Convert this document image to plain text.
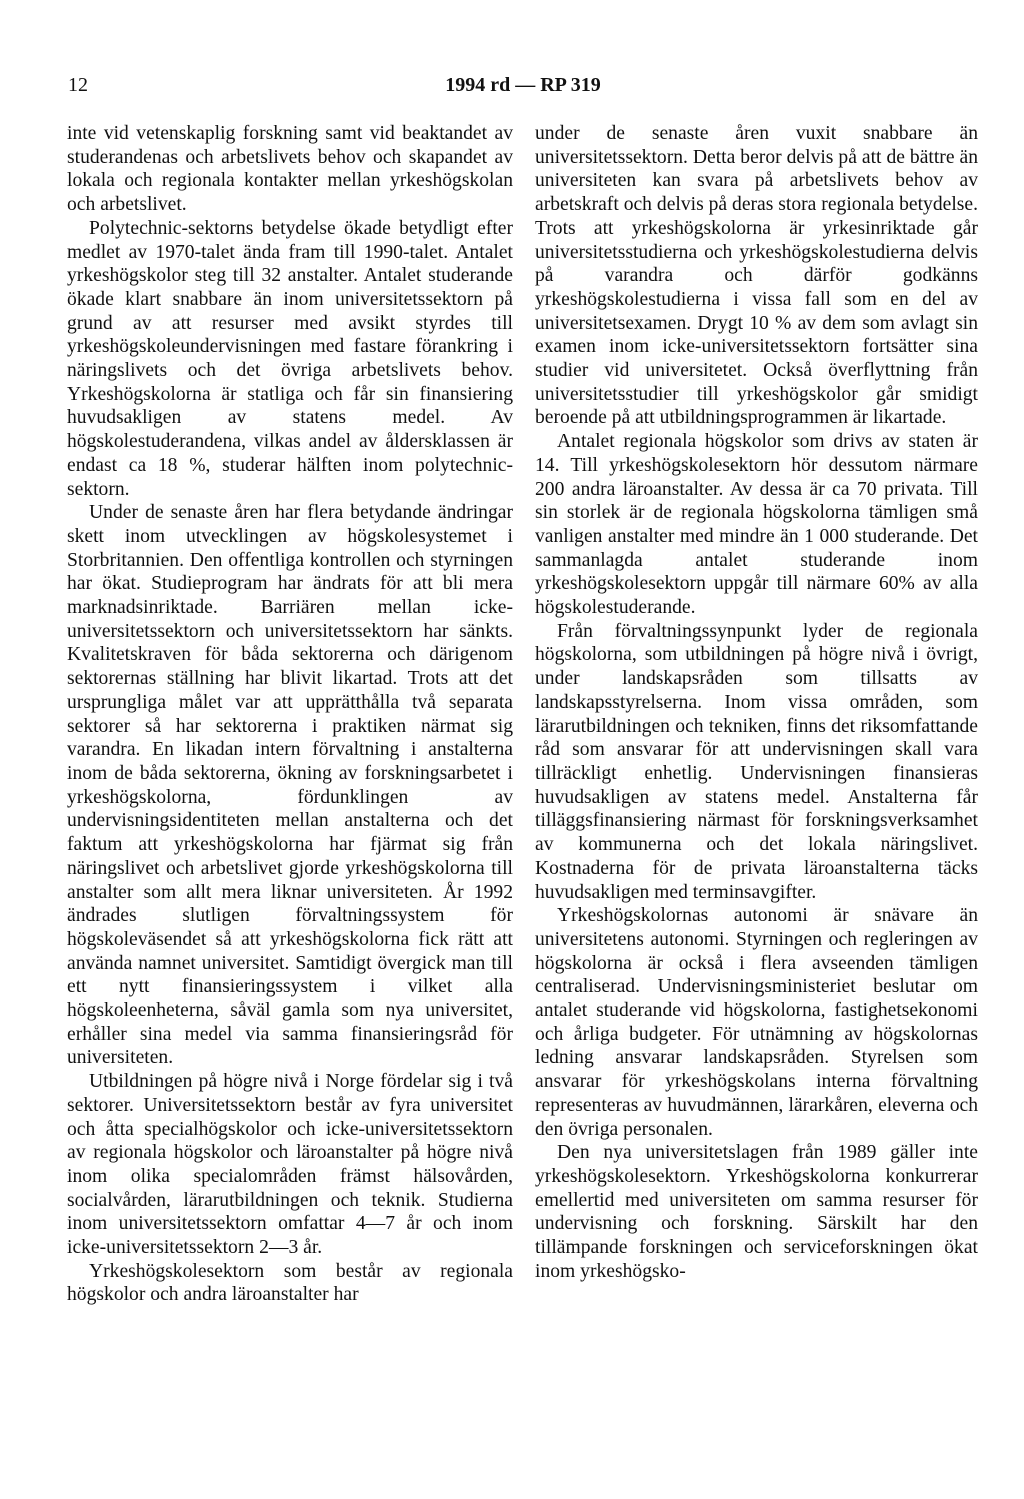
12	1994 rd — RP 319

inte vid vetenskaplig forskning samt vid beaktandet av studerandenas och arbetslivets behov och skapandet av lokala och regionala kontakter mellan yrkeshögskolan och arbetslivet.

Polytechnic-sektorns betydelse ökade betydligt efter medlet av 1970-talet ända fram till 1990-talet. Antalet yrkeshögskolor steg till 32 anstalter. Antalet studerande ökade klart snabbare än inom universitetssektorn på grund av att resurser med avsikt styrdes till yrkeshögskoleundervisningen med fastare förankring i näringslivets och det övriga arbetslivets behov. Yrkeshögskolorna är statliga och får sin finansiering huvudsakligen av statens medel. Av högskolestuderandena, vilkas andel av åldersklassen är endast ca 18 %, studerar hälften inom polytechnic-sektorn.

Under de senaste åren har flera betydande ändringar skett inom utvecklingen av högskolesystemet i Storbritannien. Den offentliga kontrollen och styrningen har ökat. Studieprogram har ändrats för att bli mera marknadsinriktade. Barriären mellan icke-universitetssektorn och universitetssektorn har sänkts. Kvalitetskraven för båda sektorerna och därigenom sektorernas ställning har blivit likartad. Trots att det ursprungliga målet var att upprätthålla två separata sektorer så har sektorerna i praktiken närmat sig varandra. En likadan intern förvaltning i anstalterna inom de båda sektorerna, ökning av forskningsarbetet i yrkeshögskolorna, fördunklingen av undervisningsidentiteten mellan anstalterna och det faktum att yrkeshögskolorna har fjärmat sig från näringslivet och arbetslivet gjorde yrkeshögskolorna till anstalter som allt mera liknar universiteten. År 1992 ändrades slutligen förvaltningssystem för högskoleväsendet så att yrkeshögskolorna fick rätt att använda namnet universitet. Samtidigt övergick man till ett nytt finansieringssystem i vilket alla högskoleenheterna, såväl gamla som nya universitet, erhåller sina medel via samma finansieringsråd för universiteten.

Utbildningen på högre nivå i Norge fördelar sig i två sektorer. Universitetssektorn består av fyra universitet och åtta specialhögskolor och icke-universitetssektorn av regionala högskolor och läroanstalter på högre nivå inom olika specialområden främst hälsovården, socialvården, lärarutbildningen och teknik. Studierna inom universitetssektorn omfattar 4—7 år och inom icke-universitetssektorn 2—3 år.

Yrkeshögskolesektorn som består av regionala högskolor och andra läroanstalter har

under de senaste åren vuxit snabbare än universitetssektorn. Detta beror delvis på att de bättre än universiteten kan svara på arbetslivets behov av arbetskraft och delvis på deras stora regionala betydelse. Trots att yrkeshögskolorna är yrkesinriktade går universitetsstudierna och yrkeshögskolestudierna delvis på varandra och därför godkänns yrkeshögskolestudierna i vissa fall som en del av universitetsexamen. Drygt 10 % av dem som avlagt sin examen inom icke-universitetssektorn fortsätter sina studier vid universitetet. Också överflyttning från universitetsstudier till yrkeshögskolor går smidigt beroende på att utbildningsprogrammen är likartade.

Antalet regionala högskolor som drivs av staten är 14. Till yrkeshögskolesektorn hör dessutom närmare 200 andra läroanstalter. Av dessa är ca 70 privata. Till sin storlek är de regionala högskolorna tämligen små vanligen anstalter med mindre än 1 000 studerande. Det sammanlagda antalet studerande inom yrkeshögskolesektorn uppgår till närmare 60% av alla högskolestuderande.

Från förvaltningssynpunkt lyder de regionala högskolorna, som utbildningen på högre nivå i övrigt, under landskapsråden som tillsatts av landskapsstyrelserna. Inom vissa områden, som lärarutbildningen och tekniken, finns det riksomfattande råd som ansvarar för att undervisningen skall vara tillräckligt enhetlig. Undervisningen finansieras huvudsakligen av statens medel. Anstalterna får tilläggsfinansiering närmast för forskningsverksamhet av kommunerna och det lokala näringslivet. Kostnaderna för de privata läroanstalterna täcks huvudsakligen med terminsavgifter.

Yrkeshögskolornas autonomi är snävare än universitetens autonomi. Styrningen och regleringen av högskolorna är också i flera avseenden tämligen centraliserad. Undervisningsministeriet beslutar om antalet studerande vid högskolorna, fastighetsekonomi och årliga budgeter. För utnämning av högskolornas ledning ansvarar landskapsråden. Styrelsen som ansvarar för yrkeshögskolans interna förvaltning representeras av huvudmännen, lärarkåren, eleverna och den övriga personalen.

Den nya universitetslagen från 1989 gäller inte yrkeshögskolesektorn. Yrkeshögskolorna konkurrerar emellertid med universiteten om samma resurser för undervisning och forskning. Särskilt har den tillämpande forskningen och serviceforskningen ökat inom yrkeshögsko-
